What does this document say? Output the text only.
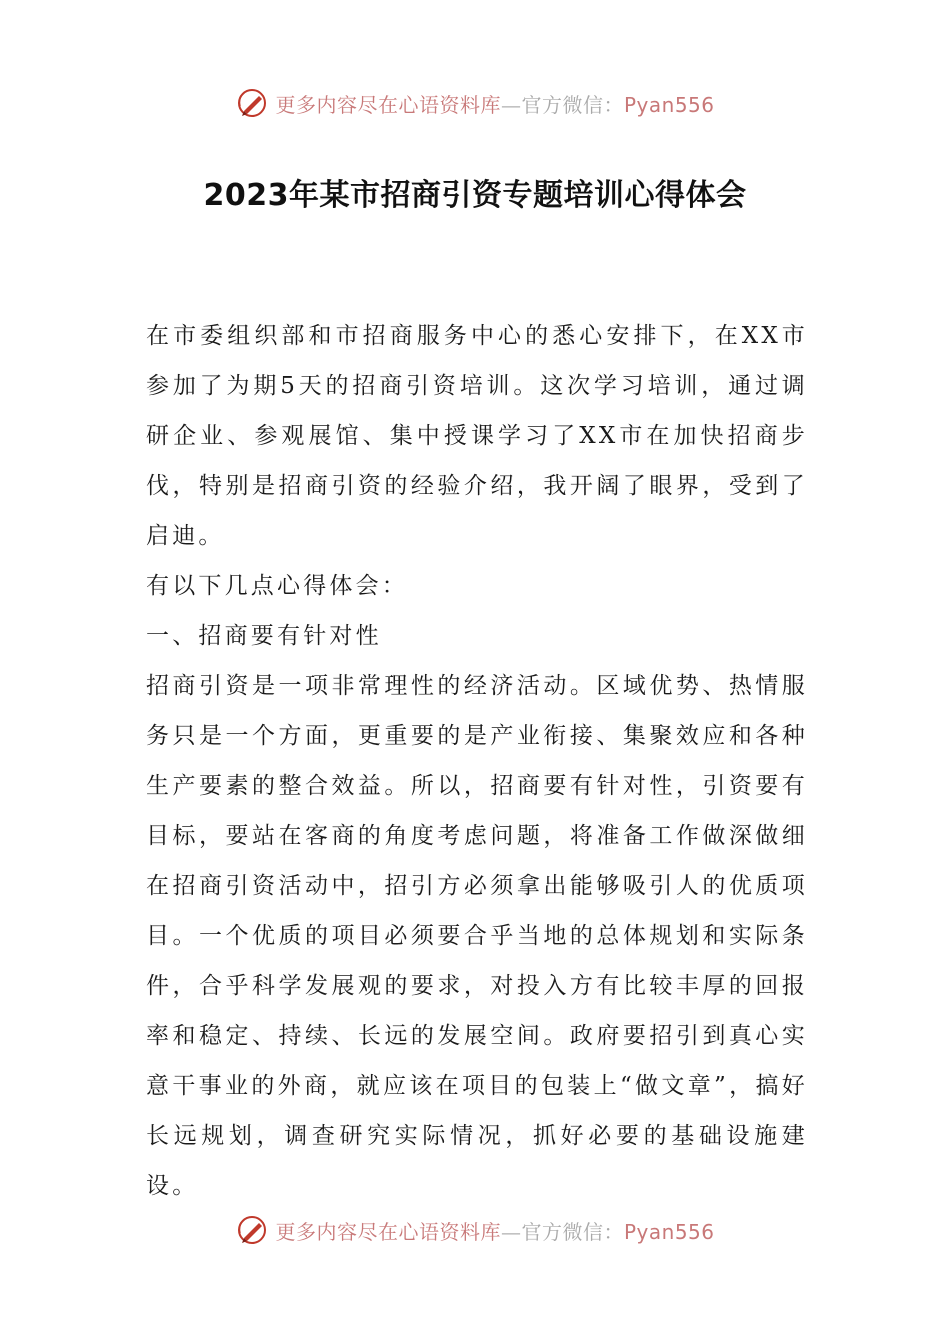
更多内容尽在心语资料库—官方微信：Pyan556
2023年某市招商引资专题培训心得体会

在市委组织部和市招商服务中心的悉心安排下，在XX市参加了为期5天的招商引资培训。这次学习培训，通过调研企业、参观展馆、集中授课学习了XX市在加快招商步伐，特别是招商引资的经验介绍，我开阔了眼界，受到了启迪。

有以下几点心得体会：

一、招商要有针对性

招商引资是一项非常理性的经济活动。区域优势、热情服务只是一个方面，更重要的是产业衔接、集聚效应和各种生产要素的整合效益。所以，招商要有针对性，引资要有目标，要站在客商的角度考虑问题，将准备工作做深做细在招商引资活动中，招引方必须拿出能够吸引人的优质项目。一个优质的项目必须要合乎当地的总体规划和实际条件，合乎科学发展观的要求，对投入方有比较丰厚的回报率和稳定、持续、长远的发展空间。政府要招引到真心实意干事业的外商，就应该在项目的包装上“做文章”，搞好长远规划，调查研究实际情况，抓好必要的基础设施建设。

更多内容尽在心语资料库—官方微信：Pyan556
